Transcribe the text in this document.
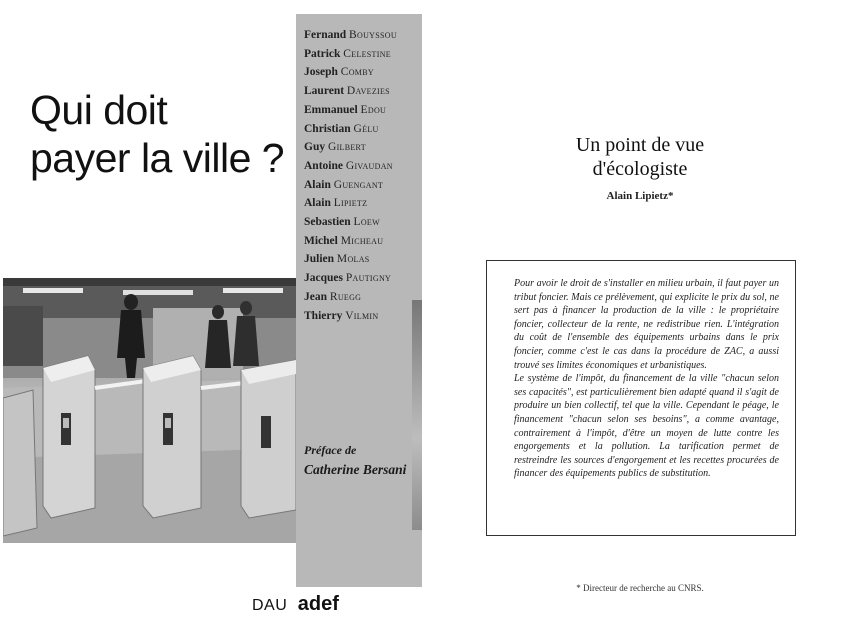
Qui doit
payer la ville ?
Fernand Bouyssou
Patrick Celestine
Joseph Comby
Laurent Davezies
Emmanuel Edou
Christian Gélu
Guy Gilbert
Antoine Givaudan
Alain Guengant
Alain Lipietz
Sebastien Loew
Michel Micheau
Julien Molas
Jacques Pautigny
Jean Ruegg
Thierry Vilmin
Préface de
Catherine Bersani
DAU adef
Un point de vue
d'écologiste
Alain Lipietz*

Pour avoir le droit de s'installer en milieu urbain, il faut payer un tribut foncier. Mais ce prélèvement, qui explicite le prix du sol, ne sert pas à financer la production de la ville : le propriétaire foncier, collecteur de la rente, ne redistribue rien. L'intégration du coût de l'ensemble des équipements urbains dans le prix foncier, comme c'est le cas dans la procédure de ZAC, a aussi trouvé ses limites économiques et urbanistiques.

Le système de l'impôt, du financement de la ville "chacun selon ses capacités", est particulièrement bien adapté quand il s'agit de produire un bien collectif, tel que la ville. Cependant le péage, le financement "chacun selon ses besoins", a comme avantage, contrairement à l'impôt, d'être un moyen de lutte contre les engorgements et la pollution. La tarification permet de restreindre les sources d'engorgement et les recettes procurées de financer des équipements publics de substitution.

* Directeur de recherche au CNRS.
